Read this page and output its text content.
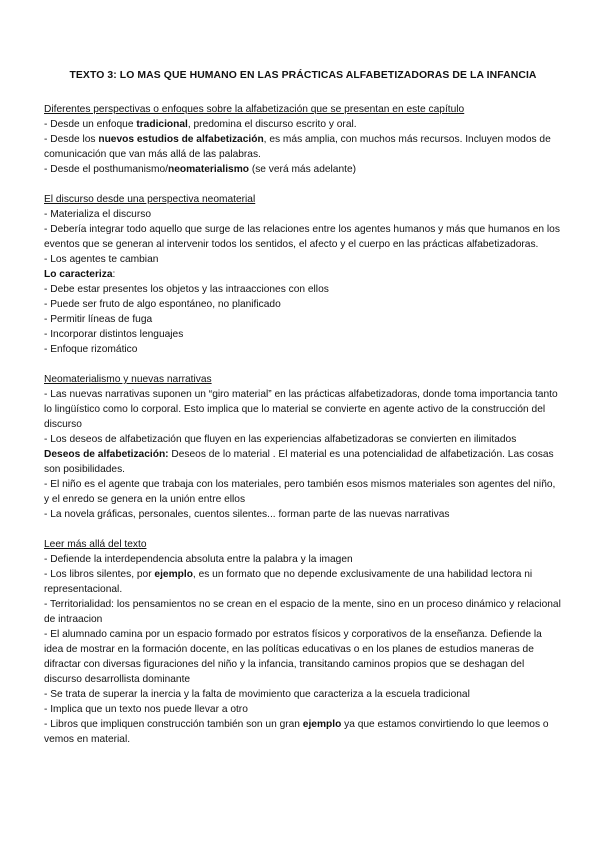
TEXTO 3: LO MAS QUE HUMANO EN LAS PRÁCTICAS ALFABETIZADORAS DE LA INFANCIA
Diferentes perspectivas o enfoques sobre la alfabetización que se presentan en este capítulo

- Desde un enfoque tradicional, predomina el discurso escrito y oral.

- Desde los nuevos estudios de alfabetización, es más amplia, con muchos más recursos. Incluyen modos de comunicación que van más allá de las palabras.

- Desde el posthumanismo/neomaterialismo (se verá más adelante)

El discurso desde una perspectiva neomaterial

- Materializa el discurso

- Debería integrar todo aquello que surge de las relaciones entre los agentes humanos y más que humanos en los eventos que se generan al intervenir todos los sentidos, el afecto y el cuerpo en las prácticas alfabetizadoras.

- Los agentes te cambian

Lo caracteriza:

- Debe estar presentes los objetos y las intraacciones con ellos

- Puede ser fruto de algo espontáneo, no planificado

- Permitir líneas de fuga

- Incorporar distintos lenguajes

- Enfoque rizomático

Neomaterialismo y nuevas narrativas

- Las nuevas narrativas suponen un “giro material” en las prácticas alfabetizadoras, donde toma importancia tanto lo lingüístico como lo corporal. Esto implica que lo material se convierte en agente activo de la construcción del discurso

- Los deseos de alfabetización que fluyen en las experiencias alfabetizadoras se convierten en ilimitados

Deseos de alfabetización: Deseos de lo material . El material es una potencialidad de alfabetización. Las cosas son posibilidades.

- El niño es el agente que trabaja con los materiales, pero también esos mismos materiales son agentes del niño, y el enredo se genera en la unión entre ellos

- La novela gráficas, personales, cuentos silentes... forman parte de las nuevas narrativas

Leer más allá del texto

- Defiende la interdependencia absoluta entre la palabra y la imagen

- Los libros silentes, por ejemplo, es un formato que no depende exclusivamente de una habilidad lectora ni representacional.

- Territorialidad: los pensamientos no se crean en el espacio de la mente, sino en un proceso dinámico y relacional de intraacion

- El alumnado camina por un espacio formado por estratos físicos y corporativos de la enseñanza. Defiende la idea de mostrar en la formación docente, en las políticas educativas o en los planes de estudios maneras de difractar con diversas figuraciones del niño y la infancia, transitando caminos propios que se deshagan del discurso desarrollista dominante

- Se trata de superar la inercia y la falta de movimiento que caracteriza a la escuela tradicional

- Implica que un texto nos puede llevar a otro

- Libros que impliquen construcción también son un gran ejemplo ya que estamos convirtiendo lo que leemos o vemos en material.
